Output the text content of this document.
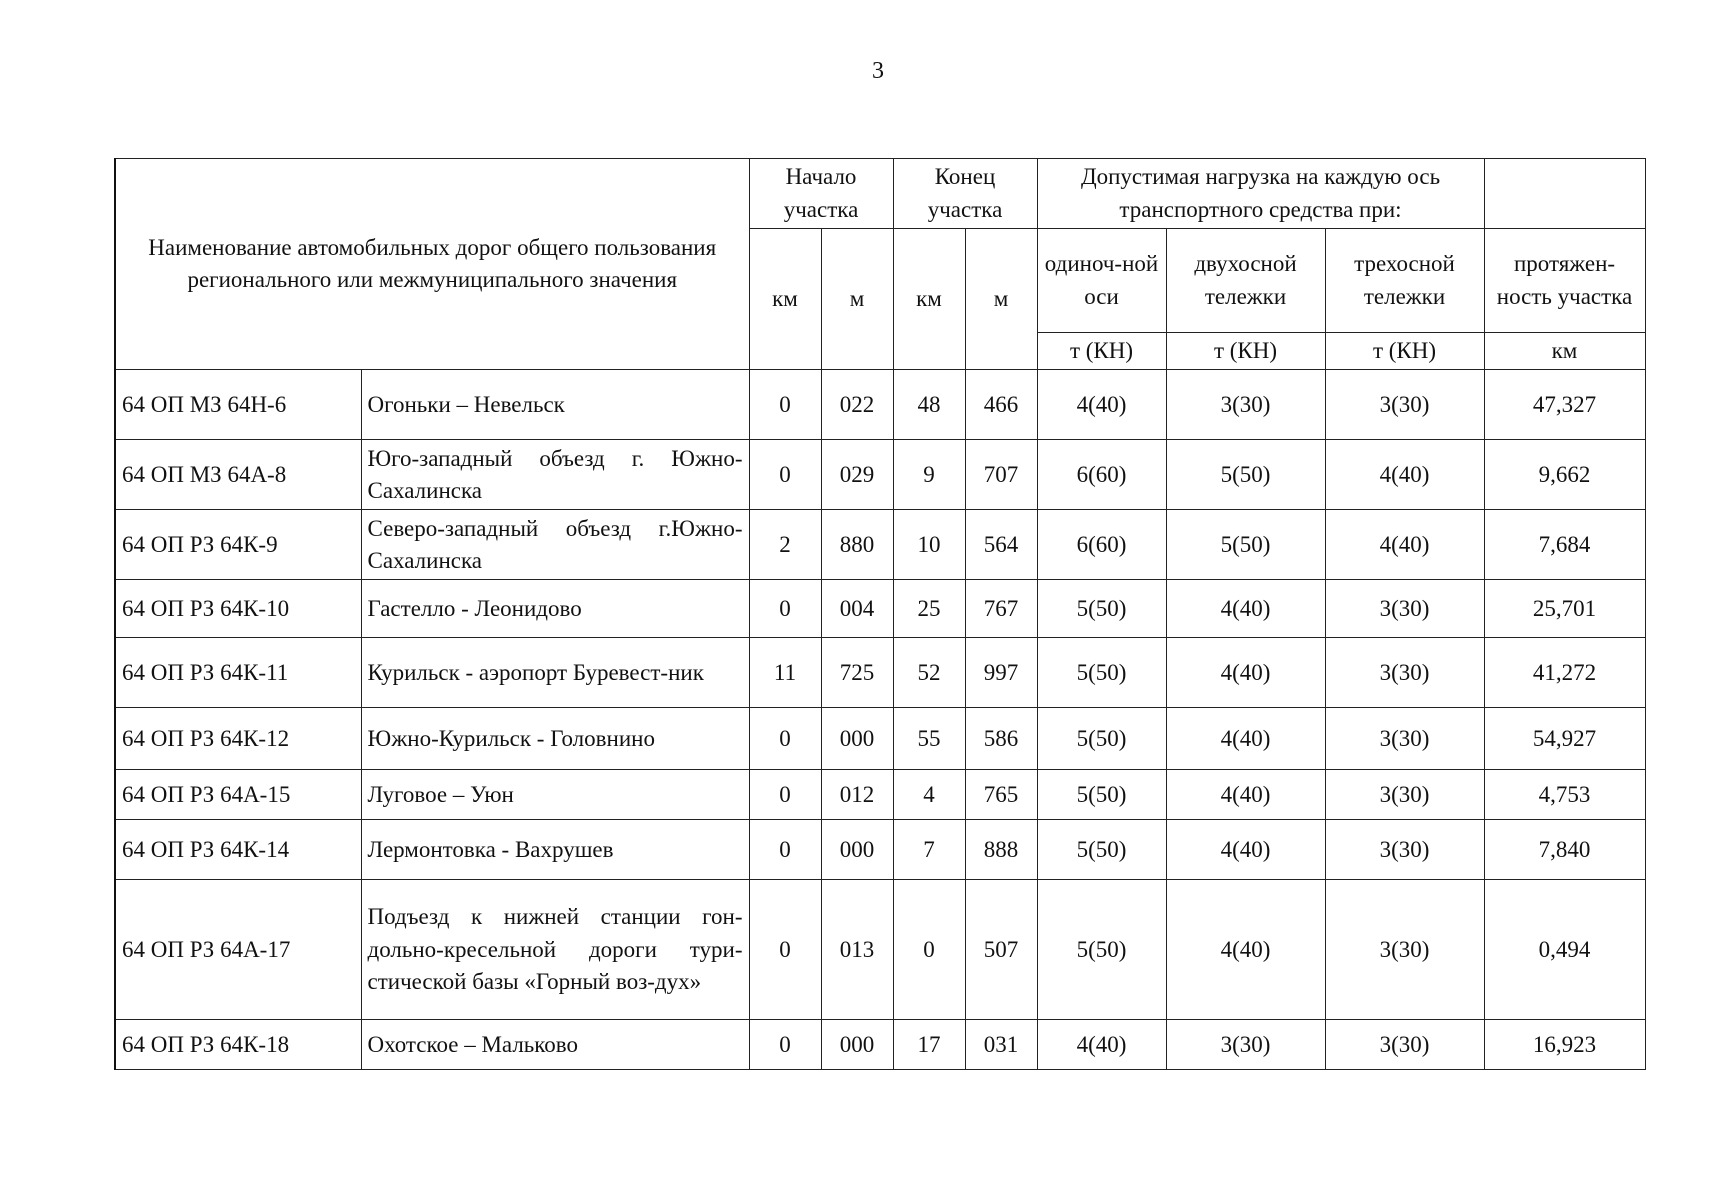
3
Наименование автомобильных дорог общего пользования регионального или межмуниципального значения		Начало участка		Конец участка		Допустимая нагрузка на каждую ось транспортного средства при:			
		км	м	км	м	одиноч-ной оси	двухосной тележки	трехосной тележки	протяжен-ность участка
						т (КН)	т (КН)	т (КН)	км
64 ОП МЗ 64Н-6	Огоньки – Невельск	0	022	48	466	4(40)	3(30)	3(30)	47,327
64 ОП МЗ 64А-8	Юго-западный объезд г. Южно-Сахалинска	0	029	9	707	6(60)	5(50)	4(40)	9,662
64 ОП РЗ 64К-9	Северо-западный объезд г.Южно-Сахалинска	2	880	10	564	6(60)	5(50)	4(40)	7,684
64 ОП РЗ 64К-10	Гастелло - Леонидово	0	004	25	767	5(50)	4(40)	3(30)	25,701
64 ОП РЗ 64К-11	Курильск - аэропорт Буревест-ник	11	725	52	997	5(50)	4(40)	3(30)	41,272
64 ОП РЗ 64К-12	Южно-Курильск - Головнино	0	000	55	586	5(50)	4(40)	3(30)	54,927
64 ОП РЗ 64А-15	Луговое – Уюн	0	012	4	765	5(50)	4(40)	3(30)	4,753
64 ОП РЗ 64К-14	Лермонтовка - Вахрушев	0	000	7	888	5(50)	4(40)	3(30)	7,840
64 ОП РЗ 64А-17	Подъезд к нижней станции гон-дольно-кресельной дороги тури-стической базы «Горный воз-дух»	0	013	0	507	5(50)	4(40)	3(30)	0,494
64 ОП РЗ 64К-18	Охотское – Мальково	0	000	17	031	4(40)	3(30)	3(30)	16,923
